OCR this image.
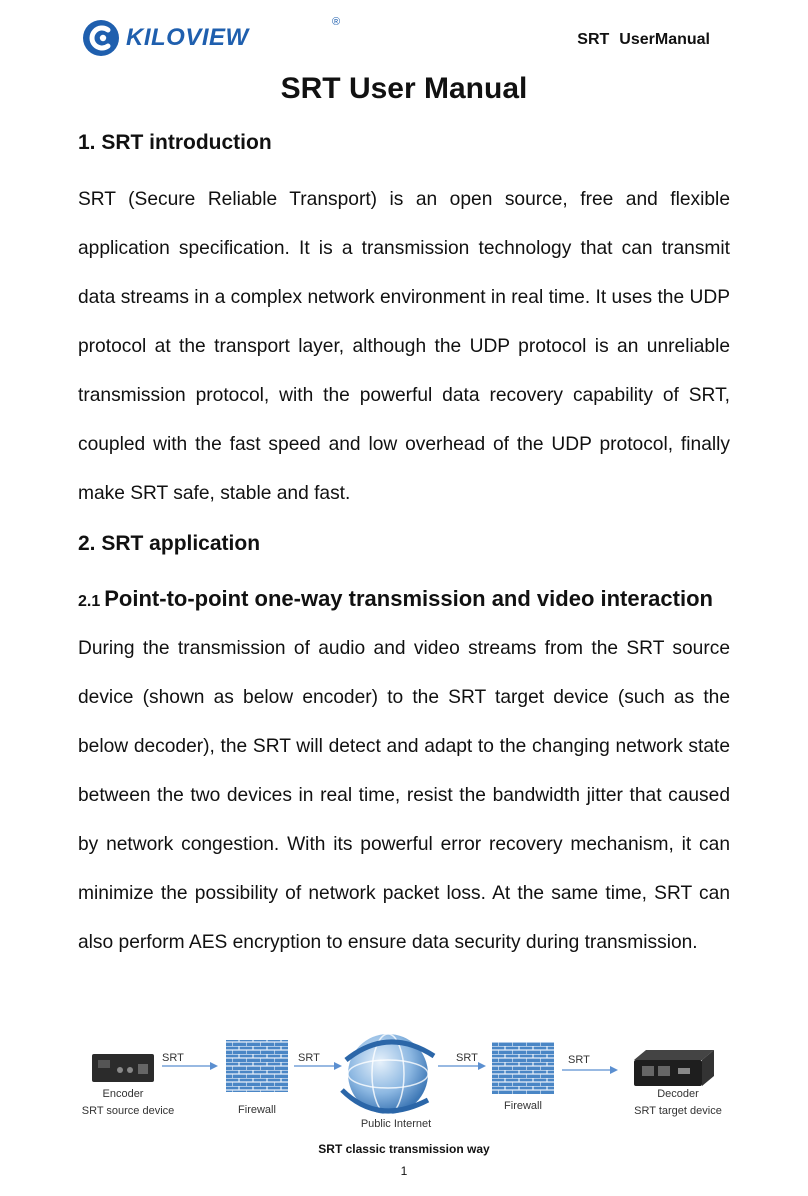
KILOVIEW
®
SRT UserManual
SRT User Manual
1. SRT introduction

SRT (Secure Reliable Transport) is an open source, free and flexible application specification. It is a transmission technology that can transmit data streams in a complex network environment in real time. It uses the UDP protocol at the transport layer, although the UDP protocol is an unreliable transmission protocol, with the powerful data recovery capability of SRT, coupled with the fast speed and low overhead of the UDP protocol, finally make SRT safe, stable and fast.

2. SRT application
2.1 Point-to-point one-way transmission and video interaction

During the transmission of audio and video streams from the SRT source device (shown as below encoder) to the SRT target device (such as the below decoder), the SRT will detect and adapt to the changing network state between the two devices in real time, resist the bandwidth jitter that caused by network congestion. With its powerful error recovery mechanism, it can minimize the possibility of network packet loss. At the same time, SRT can also perform AES encryption to ensure data security during transmission.

SRT	SRT	SRT	SRT
Encoder
SRT source device	Firewall
Public Internet
Firewall
Decoder
SRT target device
SRT classic transmission way
1
